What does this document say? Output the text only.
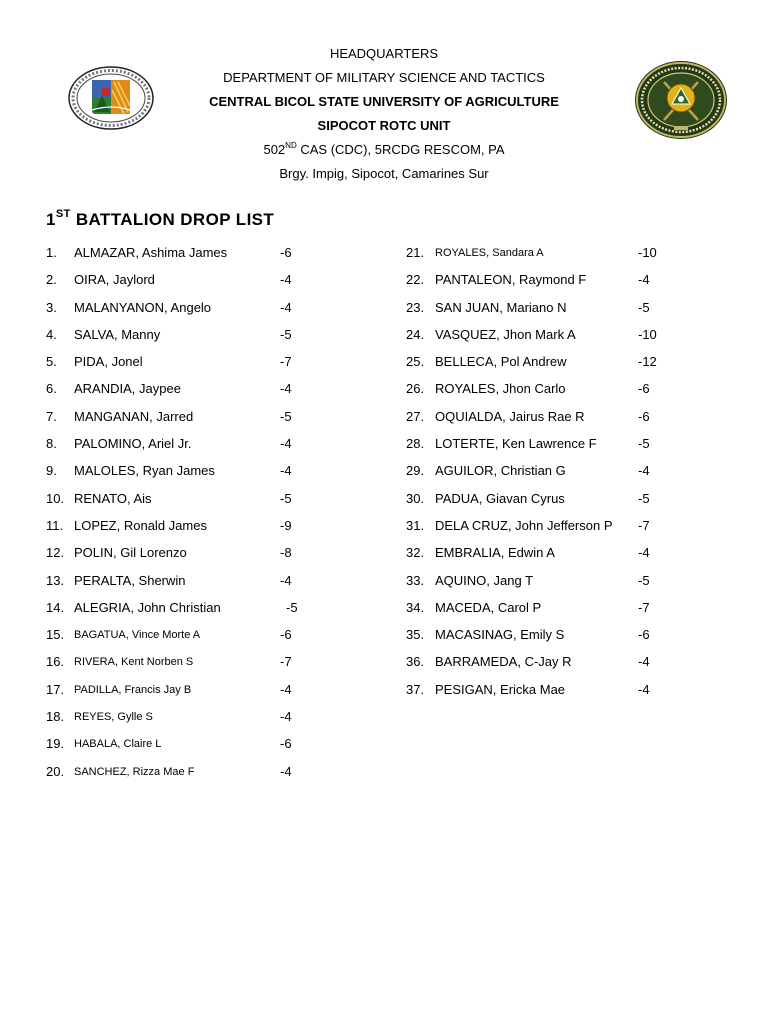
HEADQUARTERS
DEPARTMENT OF MILITARY SCIENCE AND TACTICS
CENTRAL BICOL STATE UNIVERSITY OF AGRICULTURE
SIPOCOT ROTC UNIT
502ND CAS (CDC), 5RCDG RESCOM, PA
Brgy. Impig, Sipocot, Camarines Sur
1ST BATTALION DROP LIST
1. ALMAZAR, Ashima James	-6
2. OIRA, Jaylord	-4
3. MALANYANON, Angelo	-4
4. SALVA, Manny	-5
5. PIDA, Jonel	-7
6. ARANDIA, Jaypee	-4
7. MANGANAN, Jarred	-5
8. PALOMINO, Ariel Jr.	-4
9. MALOLES, Ryan James	-4
10. RENATO, Ais	-5
11. LOPEZ, Ronald James	-9
12. POLIN, Gil Lorenzo	-8
13. PERALTA, Sherwin	-4
14. ALEGRIA, John Christian	-5
15. BAGATUA, Vince Morte A	-6
16. RIVERA, Kent Norben S	-7
17. PADILLA, Francis Jay B	-4
18. REYES, Gylle S	-4
19. HABALA, Claire L	-6
20. SANCHEZ, Rizza Mae F	-4
21. ROYALES, Sandara A	-10
22. PANTALEON, Raymond F	-4
23. SAN JUAN, Mariano N	-5
24. VASQUEZ, Jhon Mark A	-10
25. BELLECA, Pol Andrew	-12
26. ROYALES, Jhon Carlo	-6
27. OQUIALDA, Jairus Rae R	-6
28. LOTERTE, Ken Lawrence F	-5
29. AGUILOR, Christian G	-4
30. PADUA, Giavan Cyrus	-5
31. DELA CRUZ, John Jefferson P -7
32. EMBRALIA, Edwin A	-4
33. AQUINO, Jang T	-5
34. MACEDA, Carol P	-7
35. MACASINAG, Emily S	-6
36. BARRAMEDA, C-Jay R	-4
37. PESIGAN, Ericka Mae	-4
